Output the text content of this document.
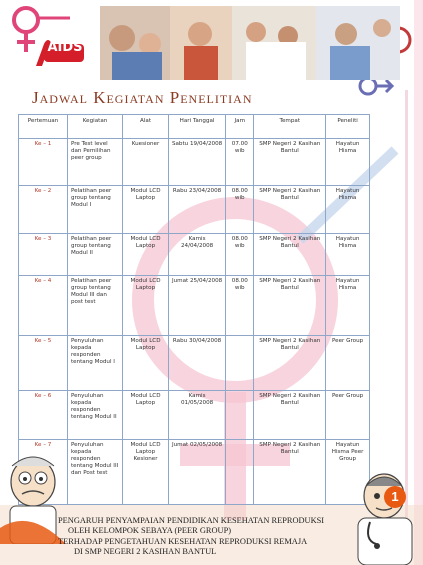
AIDS
Jadwal Kegiatan Penelitian
Pertemuan	Kegiatan	Alat	Hari Tanggal	Jam	Tempat	Peneliti
Ke – 1	Pre Test level dan Pemilihan peer group	Kuesioner	Sabtu 19/04/2008	07.00 wib	SMP Negeri 2 Kasihan Bantul	Hayatun Hisma
Ke – 2	Pelatihan peer group tentang Modul I	Modul LCD Laptop	Rabu 23/04/2008	08.00 wib	SMP Negeri 2 Kasihan Bantul	Hayatun Hisma
Ke – 3	Pelatihan peer group tentang Modul II	Modul LCD Laptop	Kamis 24/04/2008	08.00 wib	SMP Negeri 2 Kasihan Bantul	Hayatun Hisma
Ke – 4	Pelatihan peer group tentang Modul III dan post test	Modul LCD Laptop	Jumat 25/04/2008	08.00 wib	SMP Negeri 2 Kasihan Bantul	Hayatun Hisma
Ke – 5	Penyuluhan kepada responden tentang Modul I	Modul LCD Laptop	Rabu 30/04/2008		SMP Negeri 2 Kasihan Bantul	Peer Group
Ke – 6	Penyuluhan kepada responden tentang Modul II	Modul LCD Laptop	Kamis 01/05/2008		SMP Negeri 2 Kasihan Bantul	Peer Group
Ke – 7	Penyuluhan kepada responden tentang Modul III dan Post test	Modul LCD Laptop Kesioner	Jumat 02/05/2008		SMP Negeri 2 Kasihan Bantul	Hayatun Hisma Peer Group
1
PENGARUH PENYAMPAIAN PENDIDIKAN KESEHATAN REPRODUKSI
OLEH KELOMPOK SEBAYA (PEER GROUP)
TERHADAP PENGETAHUAN KESEHATAN REPRODUKSI REMAJA
DI SMP NEGERI 2 KASIHAN BANTUL
